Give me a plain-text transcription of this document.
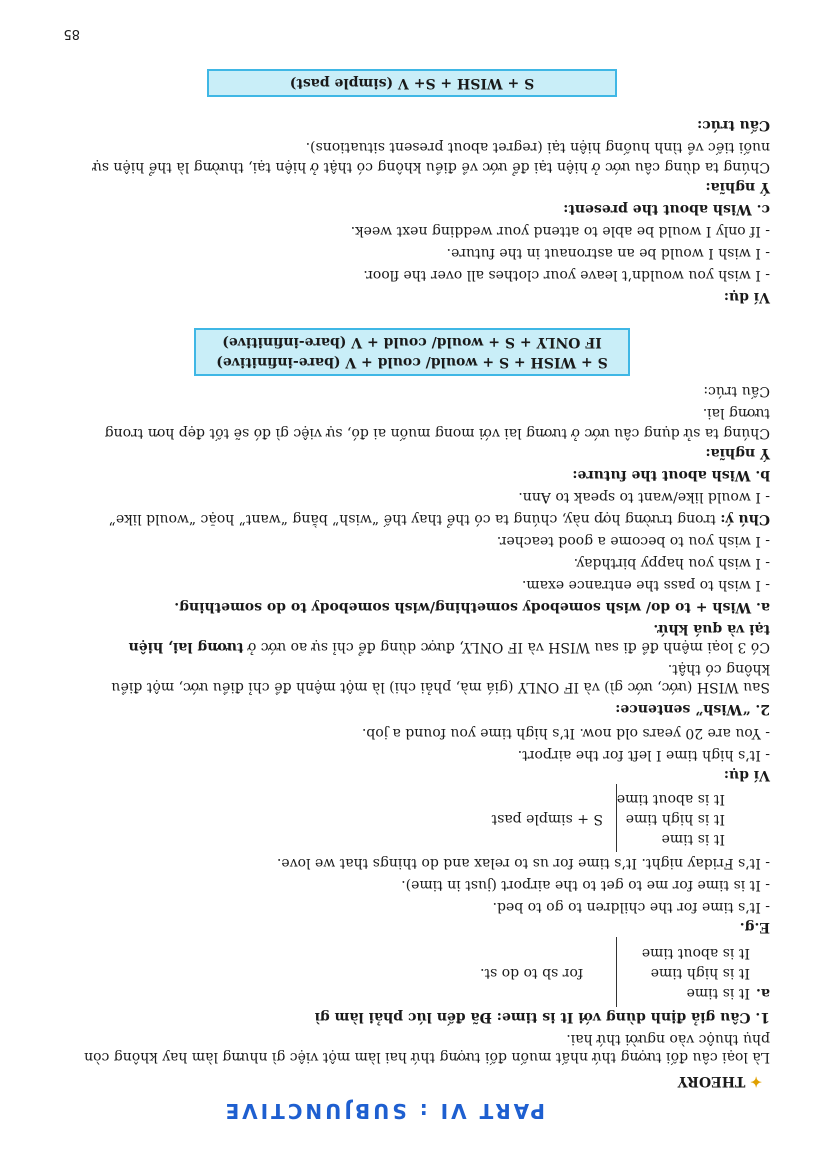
PART VI : SUBJUNCTIVE
✦ THEORY
Là loại câu đối tượng thứ nhất muốn đối tượng thứ hai làm một việc gì nhưng làm hay không còn
phụ thuộc vào người thứ hai.
1. Câu giả định dùng với It is time: Đã đến lúc phải làm gì
a.
It is time
It is high time
It is about time
for sb to do st.
E.g.
- It’s time for the children to go to bed.
- It is time for me to get to the airport (just in time).
- It’s Friday night. It’s time for us to relax and do things that we love.
It is time
It is high time
It is about time
S + simple past
Ví dụ:
- It’s high time I left for the airport.
- You are 20 years old now. It’s high time you found a job.
2. “Wish” sentence:
Sau WISH (ước, ước gì) và IF ONLY (giá mà, phải chi) là một mệnh đề chỉ điều ước, một điều
không có thật.
Có 3 loại mệnh đề đi sau WISH và IF ONLY, được dùng để chỉ sự ao ước ở tương lai, hiện
tại và quá khứ.
a. Wish + to do/ wish somebody something/wish somebody to do something.
- I wish to pass the entrance exam.
- I wish you happy birthday.
- I wish you to become a good teacher.
Chú ý: trong trường hợp này, chúng ta có thể thay thế “wish” bằng “want” hoặc “would like”
- I would like/want to speak to Ann.
b. Wish about the future:
Ý nghĩa:
Chúng ta sử dụng câu ước ở tương lai với mong muốn ai đó, sự việc gì đó sẽ tốt đẹp hơn trong
tương lai.
Cấu trúc:
S + WISH + S + would/ could + V (bare-infinitive)
IF ONLY + S + would/ could + V (bare-infinitive)
Ví dụ:
- I wish you wouldn’t leave your clothes all over the floor.
- I wish I would be an astronaut in the future.
- If only I would be able to attend your wedding next week.
c. Wish about the present:
Ý nghĩa:
Chúng ta dùng câu ước ở hiện tại để ước về điều không có thật ở hiện tại, thường là thể hiện sự
nuối tiếc về tình huống hiện tại (regret about present situations).
Cấu trúc:
S + WISH + S+ V (simple past)
85
